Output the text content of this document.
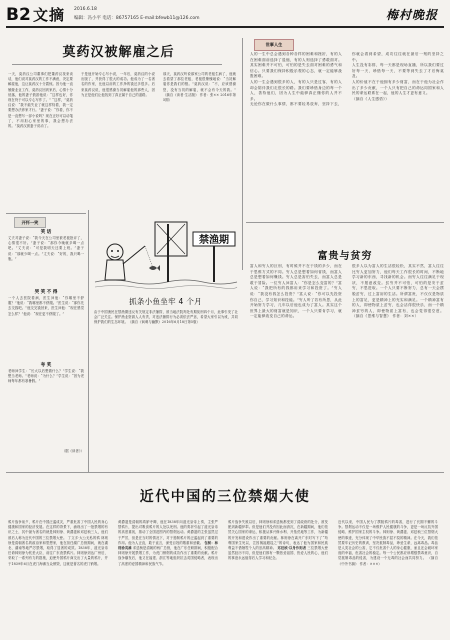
B2 文摘 2016.6.18
编辑：冯小平 电话：86757165 E-mail:bfewb11@126.com	梅村晚报
莫药汉被解雇之后
一天，莫药汉公司董事们把董药汉找来谈话，他们说对莫药汉的工作不满意，决定要解雇他，这让莫药汉十分震惊。因为他一直兢兢业业工作，莫药汉回到家后，心情十分低落，他的妻子鼓励他说：“这样也好，你现在终于可以专心写作了。” “这样，”莫药汉说：“我不能失业了就这样待着，我一定要想办法养家才行。”妻子说：“你看，你不是一直想写一部小说吗？现在正好可以动笔了，不用担心家里的事，我会想办法的。”莫药汉被妻子说动了。
于是他开始专心写小说，一年后，莫药汉的小说出版了，并获得了很大的成功。他成为了一名著名的作家，比他以前的工作挣的钱还多很多。后来莫药汉说，他很感谢当初解雇他的那些人，因为正是他们让他找到了真正属于自己的道路。
那天，莫药汉听说那家公司的老板生病了，他就去看望了那位老板，老板很惭愧地说：“当初解雇你是我们的错。”莫药汉说：“不，应该感谢您，没有当初的解雇，就不会有今天的我。” （摘自《读者·生活版》 作者：张×× 2016年第5期）
世事人生
人的一生中总会遇到各种各样的困难和挫折，有的人在困难面前选择了退缩，有的人则选择了勇敢面对。其实困难并不可怕，可怕的是失去面对困难的勇气和信心。只要我们保持积极乐观的心态，就一定能够战胜困难。
人的一生会遇到很多的人，有的人只是过客，有的人却会陪伴我们走很长的路。我们要珍惜身边的每一个人，善待他们，因为人生中能够真正懂你的人并不多。
无论你在做什么事情，都不要轻易放弃，坚持下去，你就会看到希望，成功往往就在最后一刻的坚持之中。
人生没有彩排，每一天都是现场直播，所以我们要过好每一天，珍惜每一天，不要等到失去了才后悔莫及。
人的价值不在于他拥有多少财富，而在于他为社会作出了多少贡献，一个人只有把自己的命运同国家和人民的命运联系在一起，他的人生才更有意义。
（摘自《人生感悟》）
开怀一笑
笑 话
丈夫对妻子说：“我今天在公司里被老板批评了，心情很不好。”妻子说：“那你今晚就多喝一点吧。”丈夫说：“可是我明天还要上班。”妻子说：“那就少喝一点。”丈夫说：“好的，我只喝一瓶。”
哭 笑 不 得
一个人去医院看病，医生问他：“你哪里不舒服？”他说：“我哪里都不舒服。”医生说：“那你先去交钱吧。”他交完钱回来，医生问他：“现在感觉怎么样？”他说：“现在更不舒服了。”
夸 奖
老师问学生：“长大以后想做什么？”学生说：“我想当老师。”老师说：“为什么？”学生说：“因为老师每年都有寒暑假。”
（据《读者》）
禁渔期
抓条小鱼坐牢 4 个月
由于中国渔民在禁渔期违反有关规定非法捕捞，被当地法院判处有期徒刑四个月，此事引发了社会广泛关注。保护渔业资源人人有责，对违法捕捞行为必须依法严惩，希望大家引以为戒，共同保护我们的生态环境。（摘自《讽刺与幽默》2016年6月18日第5版）
富贵与贫穷
富人和穷人的区别，有时候并不在于钱的多少，而在于思维方式的不同。穷人总是想着如何省钱，而富人总是想着如何赚钱。穷人总是害怕失去，而富人总是敢于冒险。一位穷人问富人：“你是怎么变富的？”富人说：“我把所有的钱都用来学习和投资了。”穷人说：“我没有钱怎么投资？”富人说：“你可以先投资你自己，学习知识和技能。”穷人听了若有所思，从此开始努力学习，几年以后他也成为了富人。其实这个世界上最大的财富就是知识，一个人只要肯学习，就一定能够改变自己的命运。
很多人以为富人的生活很轻松，其实不然，富人往往比穷人更加努力，他们每天工作很长的时间，不断地学习新的东西，寻找新的机会。而穷人往往满足于现状，不愿意改变。贫穷并不可怕，可怕的是安于贫穷，不思进取。一个人只要不断努力，总有一天会摆脱贫穷，过上富裕的生活。所谓富贵，不仅仅是物质上的富足，更是精神上的充实和满足。一个精神富有的人，即使物质上贫穷，也会活得很快乐，而一个精神贫穷的人，即使物质上富有，也会觉得很空虚。 （摘自《思维与智慧》 作者：刘××）
近代中国的三位禁烟大使
鸦片战争前夕，鸦片在中国泛滥成灾，严重危害了中国人民的身心健康和国家的经济发展。在这样的背景下，涌现出了一批禁烟的有识之士，其中最为著名的就是林则徐、黄爵滋和邓廷桢三人，他们被后人称为近代中国的三位禁烟大使。 丁文孚·大公无私的鸦 林则徐是清朝著名的政治家和思想家，他在担任湖广总督期间，就在湖北、湖南等地严厉禁烟，取得了显著的成效。1838年，道光皇帝任命林则徐为钦差大臣，前往广东查禁鸦片。林则徐到达广州后，采取了一系列有力的措施，迫使外国鸦片商交出了大量的鸦片，并于1839年6月在虎门海滩当众销毁，这就是著名的虎门销烟。
黄爵滋是清朝的鸿胪寺卿，他在1838年向道光皇帝上奏，主张严禁鸦片，提出对吸食鸦片的人处以死刑。他的奏折引起了道光皇帝的高度重视，推动了全国范围内的禁烟运动。黄爵滋的主张虽然过于严厉，但是在当时的情况下，对于遏制鸦片的泛滥起到了重要的作用。他为人正直，敢于直言，深受百姓的敬重和爱戴。 包树：林则徐英雄 邓廷桢是清朝的两广总督，他在广东任职期间，积极配合林则徐开展禁烟工作，为虎门销烟的成功作出了重要的贡献。鸦片战争爆发后，他又在福建、浙江等地组织抗击英国侵略者，表现出了高度的爱国精神和民族气节。
鸦片战争失败以后，林则徐和邓廷桢都受到了清政府的处分，被发配到新疆伊犁。但是他们并没有因此而消沉，在新疆期间，他们依然关心国家的命运，积极从事兴修水利、开垦荒地等工作，为新疆的开发和建设作出了重要的贡献。林则徐在离开广东时写下了“苟利国家生死以，岂因祸福避趋之”的诗句，表达了他为国家和民族利益不惜牺牲个人的崇高精神。 邓廷桢·以身作则者 三位禁烟大使虽然经历不同，但是他们都有一颗热爱祖国、热爱人民的心，他们的事迹永远值得后人学习和纪念。
近代以来，中国人民为了摆脱鸦片的毒害，进行了长期不懈的斗争。禁烟运动不仅是一场维护人民健康的斗争，更是一场反抗外国侵略、维护国家主权的斗争。林则徐、黄爵滋、邓廷桢三位禁烟大使的事迹，充分体现了中华民族不屈不挠的精神。在今天，我们依然要牢记历史的教训，坚决抵制毒品，珍爱生命，远离毒品。毒品是人类社会的公害，它不仅危害个人的身心健康，而且还会破坏家庭的幸福，危害社会的稳定。每一个公民都应该增强禁毒意识，自觉抵制毒品的侵害，为建设一个无毒的社会而共同努力。 （摘自《中外书摘》 作者：×××）
